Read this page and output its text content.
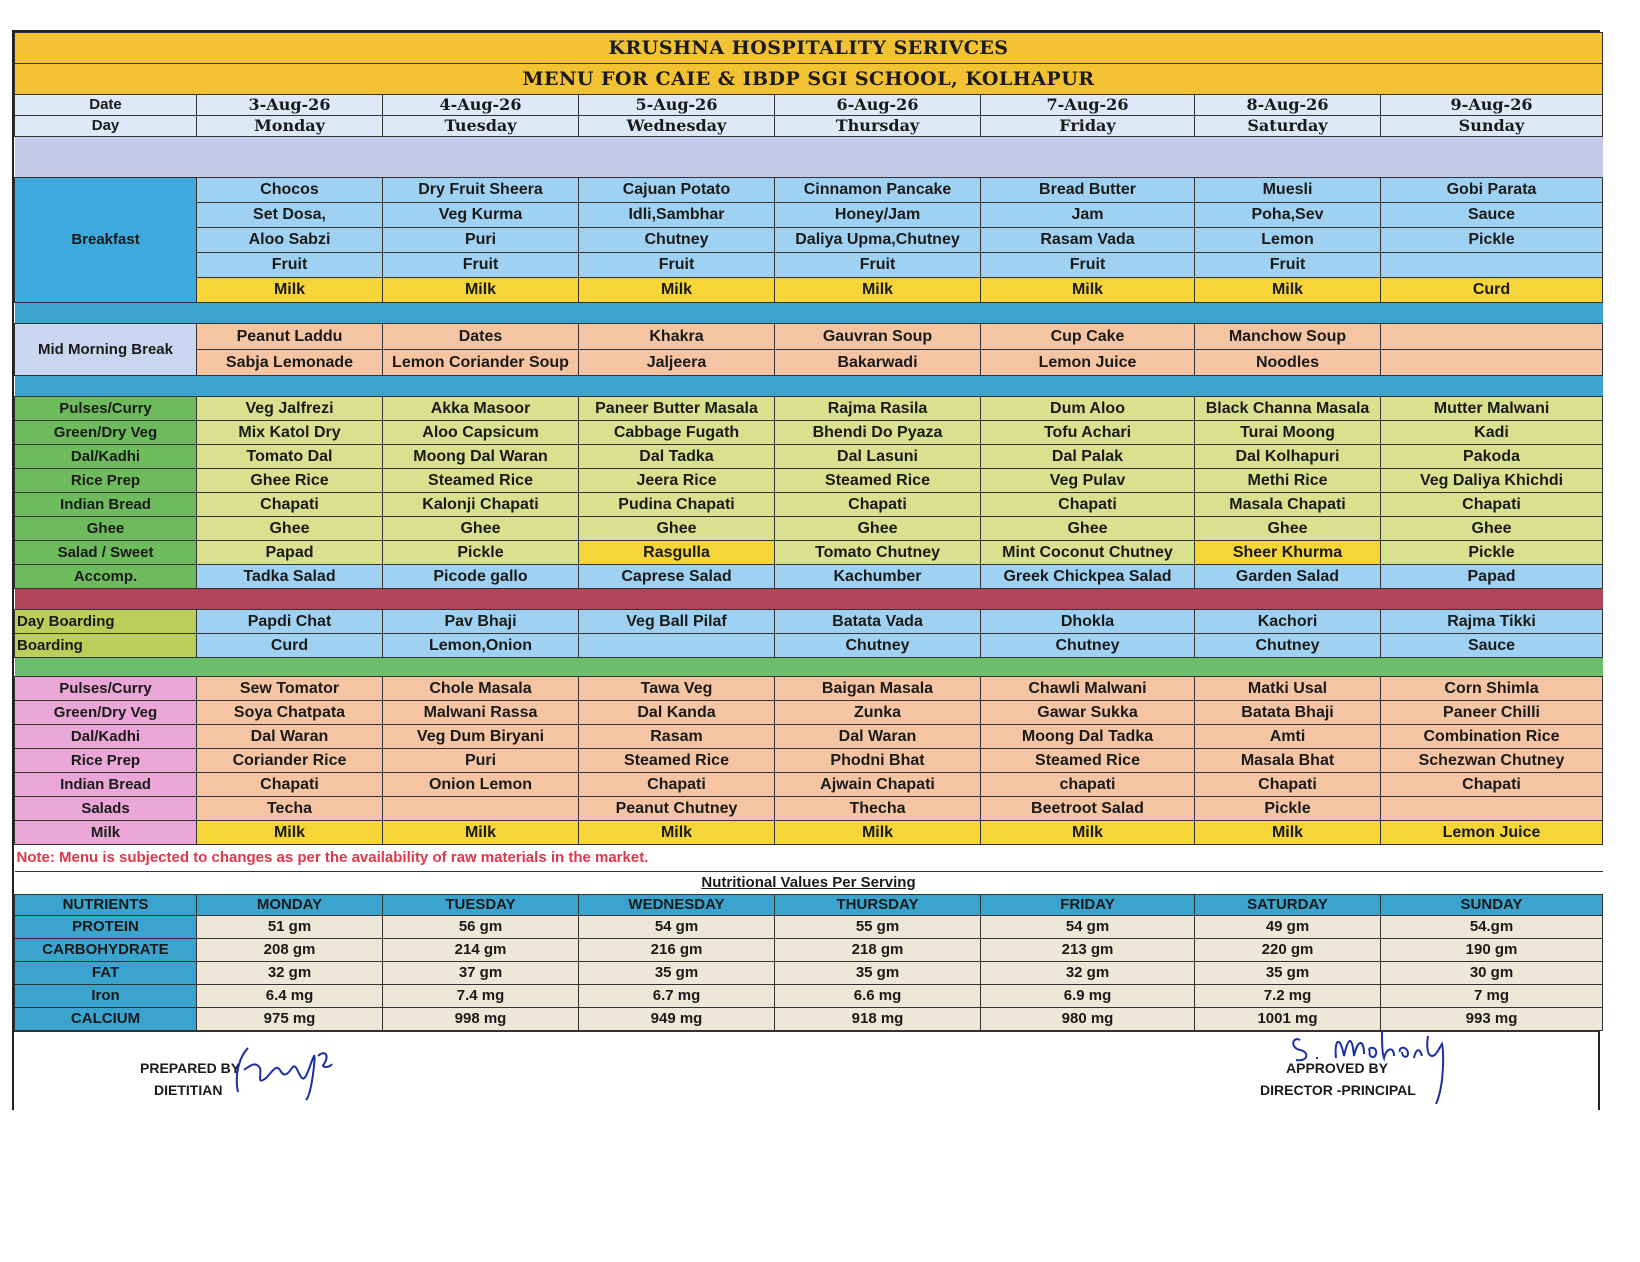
KRUSHNA HOSPITALITY SERIVCES							
MENU FOR CAIE & IBDP SGI SCHOOL, KOLHAPUR							
Date	3-Aug-26	4-Aug-26	5-Aug-26	6-Aug-26	7-Aug-26	8-Aug-26	9-Aug-26
Day	Monday	Tuesday	Wednesday	Thursday	Friday	Saturday	Sunday

Breakfast	Chocos	Dry Fruit Sheera	Cajuan Potato	Cinnamon Pancake	Bread Butter	Muesli	Gobi Parata
	Set Dosa,	Veg Kurma	Idli,Sambhar	Honey/Jam	Jam	Poha,Sev	Sauce
	Aloo Sabzi	Puri	Chutney	Daliya Upma,Chutney	Rasam Vada	Lemon	Pickle
	Fruit	Fruit	Fruit	Fruit	Fruit	Fruit	
	Milk	Milk	Milk	Milk	Milk	Milk	Curd

Mid Morning Break	Peanut Laddu	Dates	Khakra	Gauvran Soup	Cup Cake	Manchow Soup	
	Sabja Lemonade	Lemon Coriander Soup	Jaljeera	Bakarwadi	Lemon Juice	Noodles	

Pulses/Curry	Veg Jalfrezi	Akka Masoor	Paneer Butter Masala	Rajma Rasila	Dum Aloo	Black Channa Masala	Mutter Malwani
Green/Dry Veg	Mix Katol Dry	Aloo Capsicum	Cabbage Fugath	Bhendi Do Pyaza	Tofu Achari	Turai Moong	Kadi
Dal/Kadhi	Tomato Dal	Moong Dal Waran	Dal Tadka	Dal Lasuni	Dal Palak	Dal Kolhapuri	Pakoda
Rice Prep	Ghee Rice	Steamed Rice	Jeera Rice	Steamed Rice	Veg Pulav	Methi Rice	Veg Daliya Khichdi
Indian Bread	Chapati	Kalonji Chapati	Pudina Chapati	Chapati	Chapati	Masala Chapati	Chapati
Ghee	Ghee	Ghee	Ghee	Ghee	Ghee	Ghee	Ghee
Salad / Sweet	Papad	Pickle	Rasgulla	Tomato Chutney	Mint Coconut Chutney	Sheer Khurma	Pickle
Accomp.	Tadka Salad	Picode gallo	Caprese Salad	Kachumber	Greek Chickpea Salad	Garden Salad	Papad

Day Boarding	Papdi Chat	Pav Bhaji	Veg Ball Pilaf	Batata Vada	Dhokla	Kachori	Rajma Tikki
Boarding	Curd	Lemon,Onion		Chutney	Chutney	Chutney	Sauce

Pulses/Curry	Sew Tomator	Chole Masala	Tawa Veg	Baigan Masala	Chawli Malwani	Matki Usal	Corn Shimla
Green/Dry Veg	Soya Chatpata	Malwani Rassa	Dal Kanda	Zunka	Gawar Sukka	Batata Bhaji	Paneer Chilli
Dal/Kadhi	Dal Waran	Veg Dum Biryani	Rasam	Dal Waran	Moong Dal Tadka	Amti	Combination Rice
Rice Prep	Coriander Rice	Puri	Steamed Rice	Phodni Bhat	Steamed Rice	Masala Bhat	Schezwan Chutney
Indian Bread	Chapati	Onion Lemon	Chapati	Ajwain Chapati	chapati	Chapati	Chapati
Salads	Techa		Peanut Chutney	Thecha	Beetroot Salad	Pickle	
Milk	Milk	Milk	Milk	Milk	Milk	Milk	Lemon Juice
Note: Menu is subjected to changes as per the availability of raw materials in the market.							
Nutritional Values Per Serving							
NUTRIENTS	MONDAY	TUESDAY	WEDNESDAY	THURSDAY	FRIDAY	SATURDAY	SUNDAY
PROTEIN	51 gm	56 gm	54 gm	55 gm	54 gm	49 gm	54.gm
CARBOHYDRATE	208 gm	214 gm	216 gm	218 gm	213 gm	220 gm	190 gm
FAT	32 gm	37 gm	35 gm	35 gm	32 gm	35 gm	30 gm
Iron	6.4 mg	7.4 mg	6.7 mg	6.6 mg	6.9 mg	7.2 mg	7 mg
CALCIUM	975 mg	998 mg	949 mg	918 mg	980 mg	1001 mg	993 mg
PREPARED BY
DIETITIAN
APPROVED BY
DIRECTOR -PRINCIPAL
